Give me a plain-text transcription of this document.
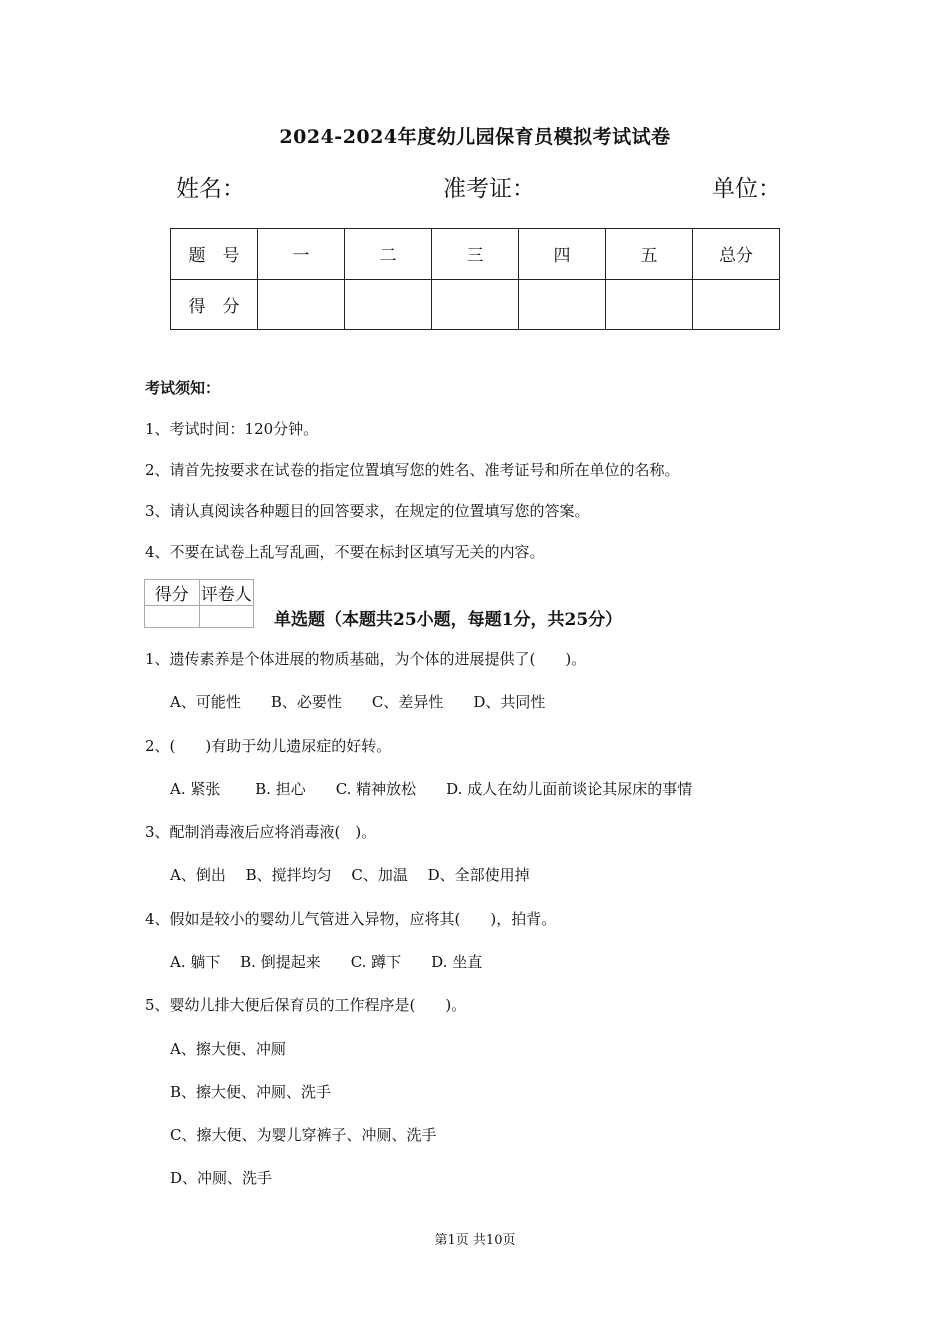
2024-2024年度幼儿园保育员模拟考试试卷
姓名：	准考证：	单位：
题　号	一	二	三	四	五	总分
得　分						
考试须知：
1、考试时间：120分钟。
2、请首先按要求在试卷的指定位置填写您的姓名、准考证号和所在单位的名称。
3、请认真阅读各种题目的回答要求，在规定的位置填写您的答案。
4、不要在试卷上乱写乱画，不要在标封区填写无关的内容。
得分	评卷人

单选题（本题共25小题，每题1分，共25分）
1、遗传素养是个体进展的物质基础，为个体的进展提供了(　　)。
A、可能性　　B、必要性　　C、差异性　　D、共同性
2、(　　)有助于幼儿遗尿症的好转。
A. 紧张　　 B. 担心　　C. 精神放松　　D. 成人在幼儿面前谈论其尿床的事情
3、配制消毒液后应将消毒液(　)。
A、倒出　 B、搅拌均匀　 C、加温　 D、全部使用掉
4、假如是较小的婴幼儿气管进入异物，应将其(　　)，拍背。
A. 躺下　 B. 倒提起来　　C. 蹲下　　D. 坐直
5、婴幼儿排大便后保育员的工作程序是(　　)。
A、擦大便、冲厕
B、擦大便、冲厕、洗手
C、擦大便、为婴儿穿裤子、冲厕、洗手
D、冲厕、洗手
第1页 共10页
